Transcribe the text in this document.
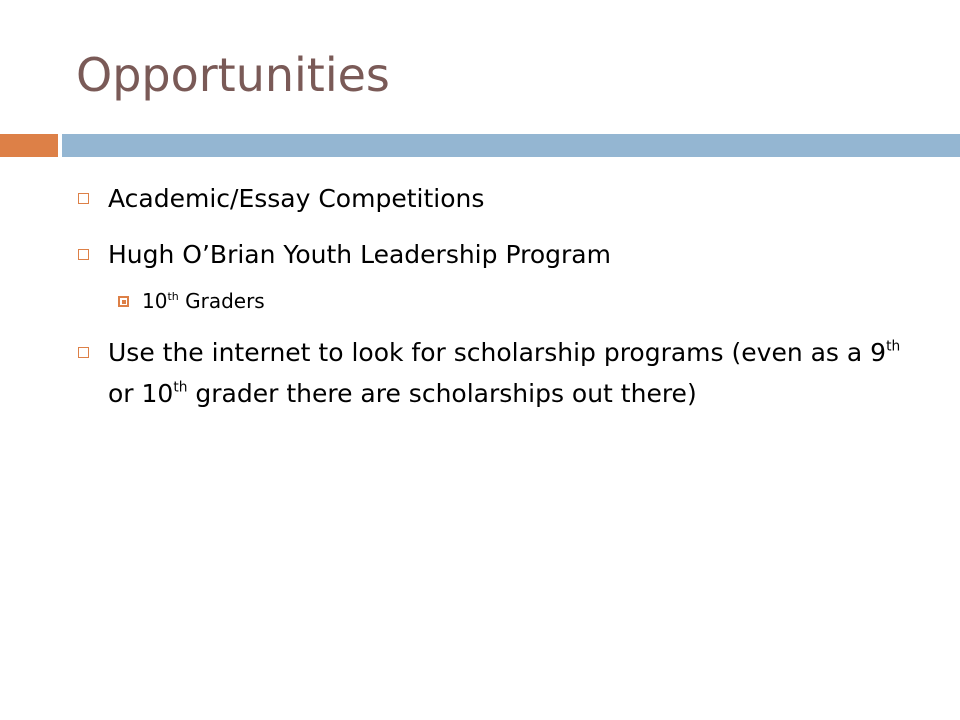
Opportunities
Academic/Essay Competitions
Hugh O’Brian Youth Leadership Program
10th Graders
Use the internet to look for scholarship programs (even as a 9th or 10th grader there are scholarships out there)
